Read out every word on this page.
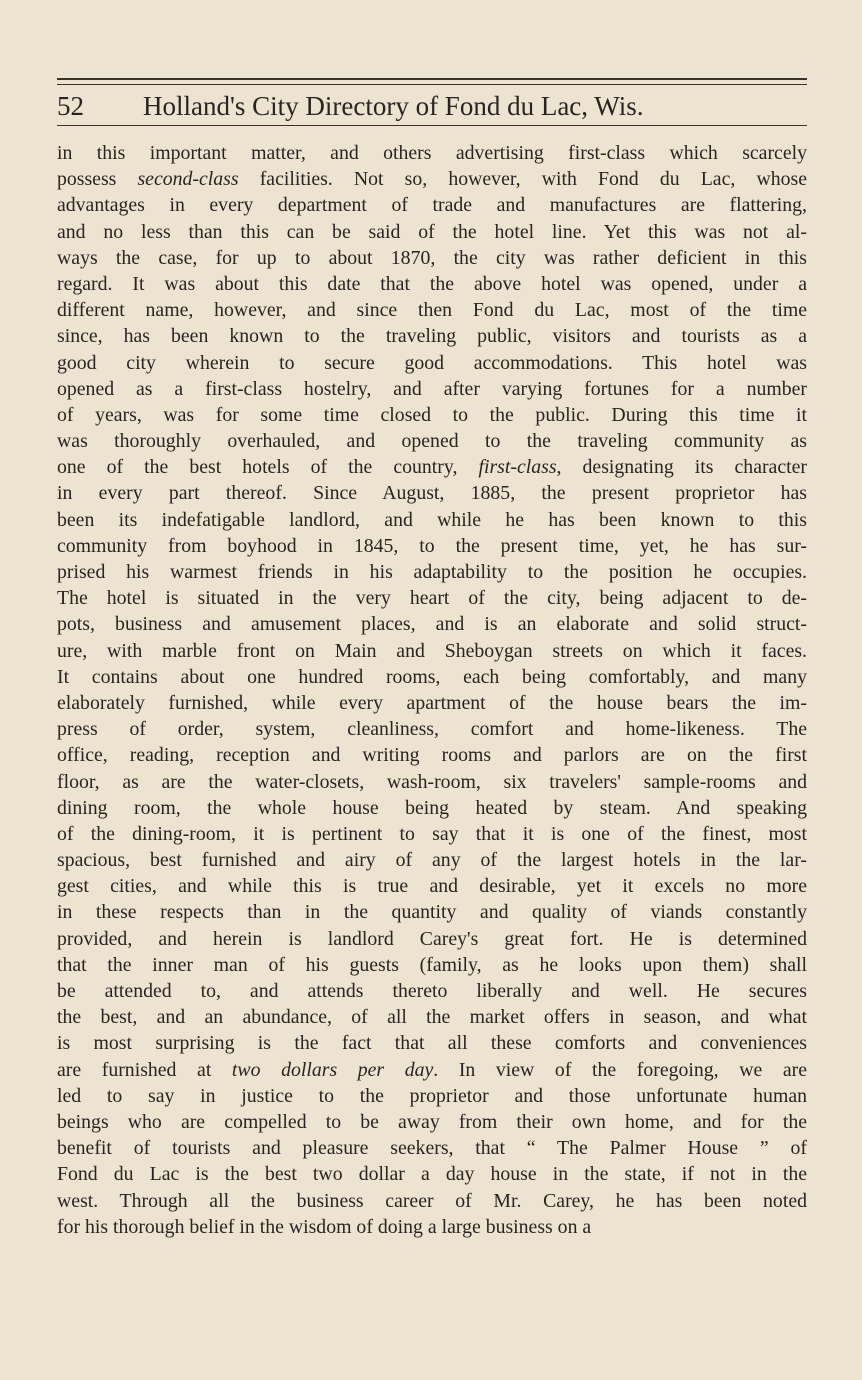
52 Holland's City Directory of Fond du Lac, Wis.
in this important matter, and others advertising first-class which scarcely
possess second-class facilities. Not so, however, with Fond du Lac, whose
advantages in every department of trade and manufactures are flattering,
and no less than this can be said of the hotel line. Yet this was not al-
ways the case, for up to about 1870, the city was rather deficient in this
regard. It was about this date that the above hotel was opened, under a
different name, however, and since then Fond du Lac, most of the time
since, has been known to the traveling public, visitors and tourists as a
good city wherein to secure good accommodations. This hotel was
opened as a first-class hostelry, and after varying fortunes for a number
of years, was for some time closed to the public. During this time it
was thoroughly overhauled, and opened to the traveling community as
one of the best hotels of the country, first-class, designating its character
in every part thereof. Since August, 1885, the present proprietor has
been its indefatigable landlord, and while he has been known to this
community from boyhood in 1845, to the present time, yet, he has sur-
prised his warmest friends in his adaptability to the position he occupies.
The hotel is situated in the very heart of the city, being adjacent to de-
pots, business and amusement places, and is an elaborate and solid struct-
ure, with marble front on Main and Sheboygan streets on which it faces.
It contains about one hundred rooms, each being comfortably, and many
elaborately furnished, while every apartment of the house bears the im-
press of order, system, cleanliness, comfort and home-likeness. The
office, reading, reception and writing rooms and parlors are on the first
floor, as are the water-closets, wash-room, six travelers' sample-rooms and
dining room, the whole house being heated by steam. And speaking
of the dining-room, it is pertinent to say that it is one of the finest, most
spacious, best furnished and airy of any of the largest hotels in the lar-
gest cities, and while this is true and desirable, yet it excels no more
in these respects than in the quantity and quality of viands constantly
provided, and herein is landlord Carey's great fort. He is determined
that the inner man of his guests (family, as he looks upon them) shall
be attended to, and attends thereto liberally and well. He secures
the best, and an abundance, of all the market offers in season, and what
is most surprising is the fact that all these comforts and conveniences
are furnished at two dollars per day. In view of the foregoing, we are
led to say in justice to the proprietor and those unfortunate human
beings who are compelled to be away from their own home, and for the
benefit of tourists and pleasure seekers, that “ The Palmer House ” of
Fond du Lac is the best two dollar a day house in the state, if not in the
west. Through all the business career of Mr. Carey, he has been noted
for his thorough belief in the wisdom of doing a large business on a
